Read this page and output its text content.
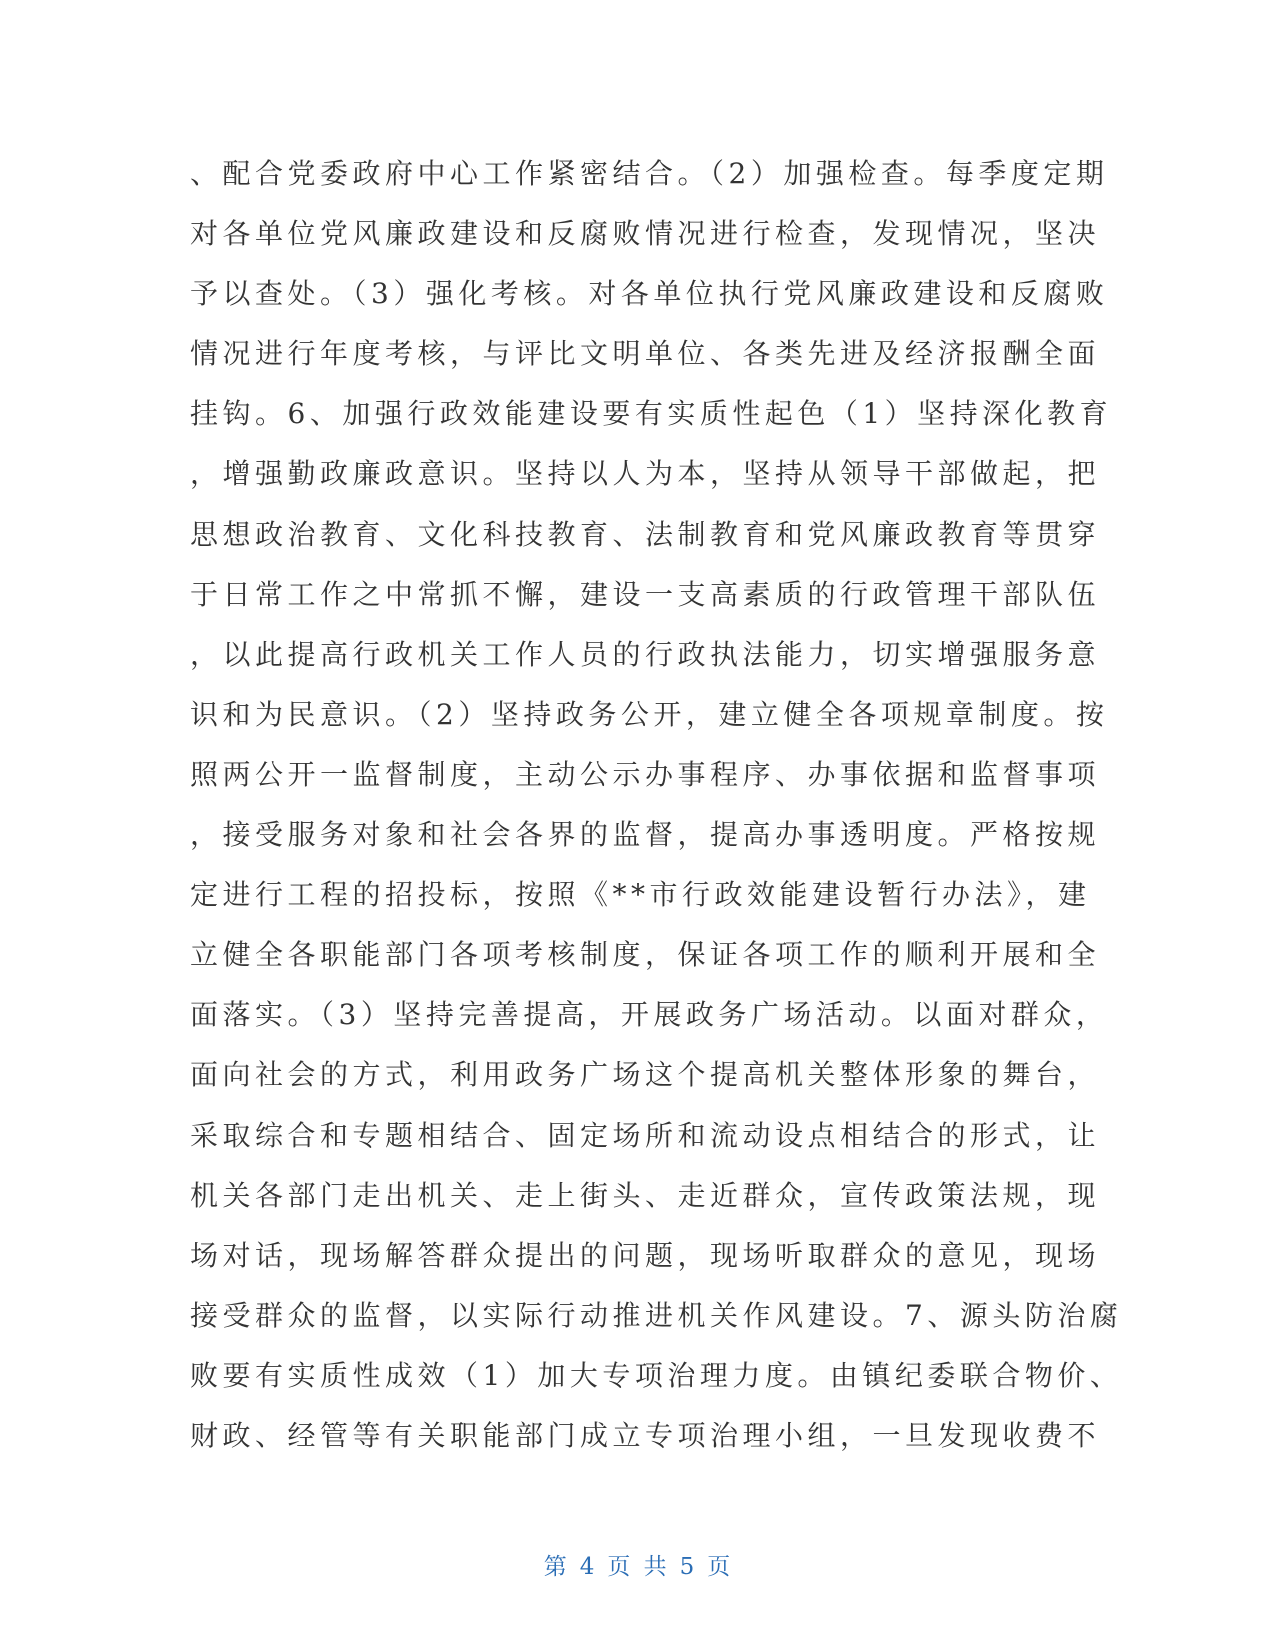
、配合党委政府中心工作紧密结合。（2）加强检查。每季度定期
对各单位党风廉政建设和反腐败情况进行检查，发现情况，坚决
予以查处。（3）强化考核。对各单位执行党风廉政建设和反腐败
情况进行年度考核，与评比文明单位、各类先进及经济报酬全面
挂钩。6、加强行政效能建设要有实质性起色（1）坚持深化教育
，增强勤政廉政意识。坚持以人为本，坚持从领导干部做起，把
思想政治教育、文化科技教育、法制教育和党风廉政教育等贯穿
于日常工作之中常抓不懈，建设一支高素质的行政管理干部队伍
，以此提高行政机关工作人员的行政执法能力，切实增强服务意
识和为民意识。（2）坚持政务公开，建立健全各项规章制度。按
照两公开一监督制度，主动公示办事程序、办事依据和监督事项
，接受服务对象和社会各界的监督，提高办事透明度。严格按规
定进行工程的招投标，按照《**市行政效能建设暂行办法》，建
立健全各职能部门各项考核制度，保证各项工作的顺利开展和全
面落实。（3）坚持完善提高，开展政务广场活动。以面对群众，
面向社会的方式，利用政务广场这个提高机关整体形象的舞台，
采取综合和专题相结合、固定场所和流动设点相结合的形式，让
机关各部门走出机关、走上街头、走近群众，宣传政策法规，现
场对话，现场解答群众提出的问题，现场听取群众的意见，现场
接受群众的监督，以实际行动推进机关作风建设。7、源头防治腐
败要有实质性成效（1）加大专项治理力度。由镇纪委联合物价、
财政、经管等有关职能部门成立专项治理小组，一旦发现收费不
第 4 页 共 5 页
